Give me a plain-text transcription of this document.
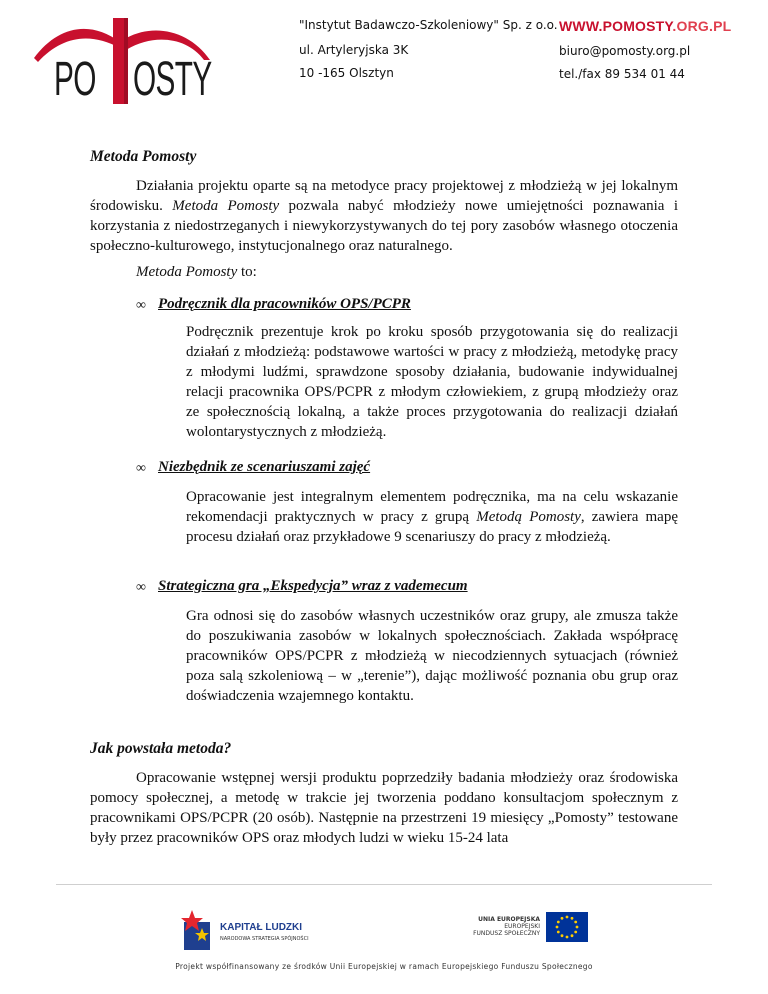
PO OSTY
"Instytut Badawczo-Szkoleniowy" Sp. z o.o.
ul. Artyleryjska 3K
10 -165 Olsztyn
WWW.POMOSTY.ORG.PL
biuro@pomosty.org.pl
tel./fax 89 534 01 44
Metoda Pomosty

Działania projektu oparte są na metodyce pracy projektowej z młodzieżą w jej lokalnym środowisku. Metoda Pomosty pozwala nabyć młodzieży nowe umiejętności poznawania i korzystania z niedostrzeganych i niewykorzystywanych do tej pory zasobów własnego otoczenia społeczno-kulturowego, instytucjonalnego oraz naturalnego.

Metoda Pomosty to:
∞ Podręcznik dla pracowników OPS/PCPR

Podręcznik prezentuje krok po kroku sposób przygotowania się do realizacji działań z młodzieżą: podstawowe wartości w pracy z młodzieżą, metodykę pracy z młodymi ludźmi, sprawdzone sposoby działania, budowanie indywidualnej relacji pracownika OPS/PCPR z młodym człowiekiem, z grupą młodzieży oraz ze społecznością lokalną, a także proces przygotowania do realizacji działań wolontarystycznych z młodzieżą.

∞ Niezbędnik ze scenariuszami zajęć

Opracowanie jest integralnym elementem podręcznika, ma na celu wskazanie rekomendacji praktycznych w pracy z grupą Metodą Pomosty, zawiera mapę procesu działań oraz przykładowe 9 scenariuszy do pracy z młodzieżą.

∞ Strategiczna gra „Ekspedycja” wraz z vademecum

Gra odnosi się do zasobów własnych uczestników oraz grupy, ale zmusza także do poszukiwania zasobów w lokalnych społecznościach. Zakłada współpracę pracowników OPS/PCPR z młodzieżą w niecodziennych sytuacjach (również poza salą szkoleniową – w „terenie”), dając możliwość poznania obu grup oraz doświadczenia wzajemnego kontaktu.

Jak powstała metoda?

Opracowanie wstępnej wersji produktu poprzedziły badania młodzieży oraz środowiska pomocy społecznej, a metodę w trakcie jej tworzenia poddano konsultacjom społecznym z pracownikami OPS/PCPR (20 osób). Następnie na przestrzeni 19 miesięcy „Pomosty” testowane były przez pracowników OPS oraz młodych ludzi w wieku 15-24 lata

KAPITAŁ LUDZKI
NARODOWA STRATEGIA SPÓJNOŚCI
UNIA EUROPEJSKA
EUROPEJSKI
FUNDUSZ SPOŁECZNY
Projekt współfinansowany ze środków Unii Europejskiej w ramach Europejskiego Funduszu Społecznego
